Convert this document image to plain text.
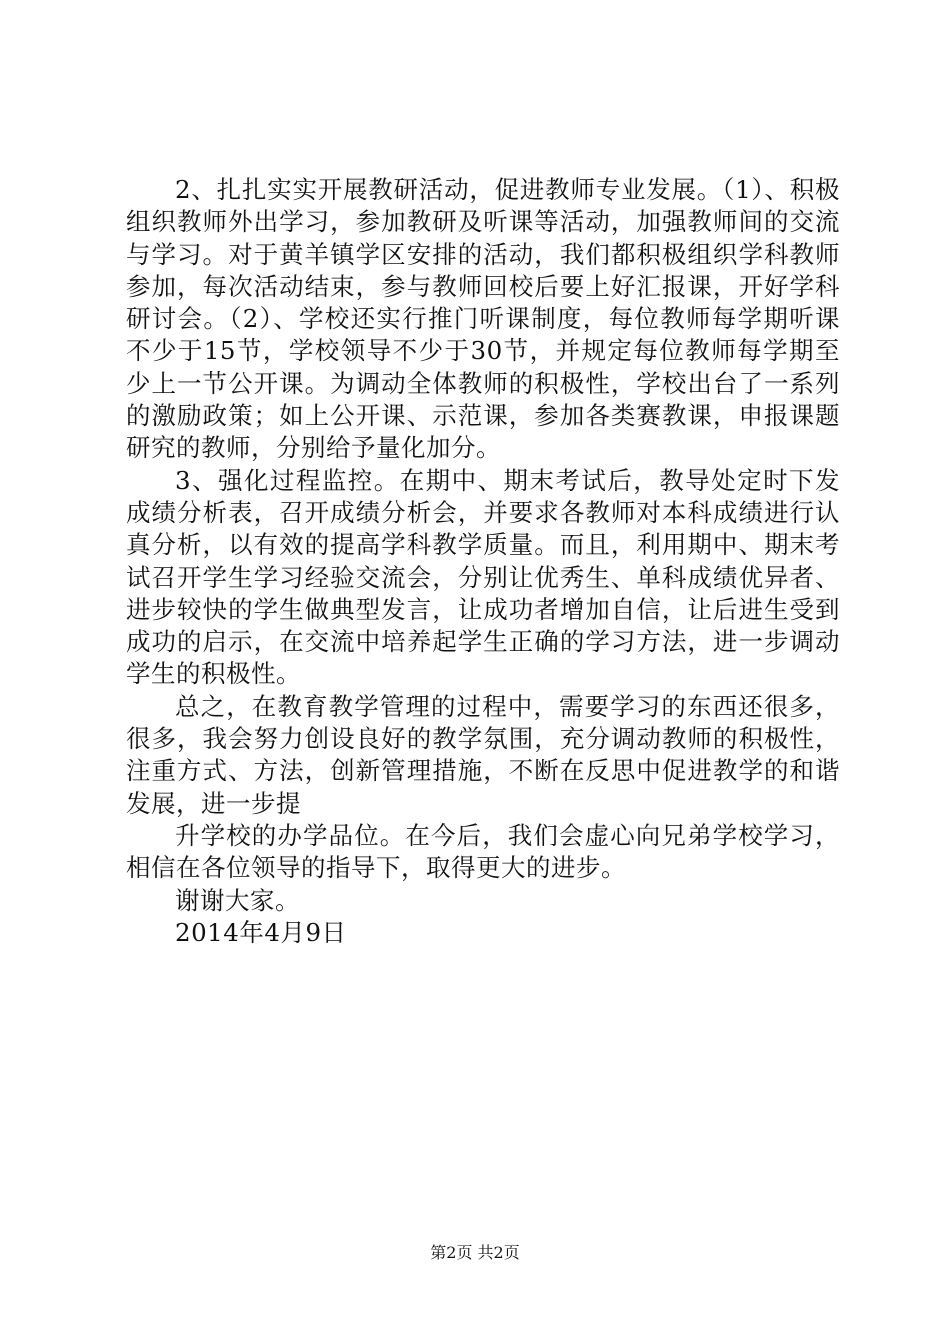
2、扎扎实实开展教研活动，促进教师专业发展。（1）、积极组织教师外出学习，参加教研及听课等活动，加强教师间的交流与学习。对于黄羊镇学区安排的活动，我们都积极组织学科教师参加，每次活动结束，参与教师回校后要上好汇报课，开好学科研讨会。（2）、学校还实行推门听课制度，每位教师每学期听课不少于15节，学校领导不少于30节，并规定每位教师每学期至少上一节公开课。为调动全体教师的积极性，学校出台了一系列的激励政策；如上公开课、示范课，参加各类赛教课，申报课题研究的教师，分别给予量化加分。

3、强化过程监控。在期中、期末考试后，教导处定时下发成绩分析表，召开成绩分析会，并要求各教师对本科成绩进行认真分析，以有效的提高学科教学质量。而且，利用期中、期末考试召开学生学习经验交流会，分别让优秀生、单科成绩优异者、进步较快的学生做典型发言，让成功者增加自信，让后进生受到成功的启示，在交流中培养起学生正确的学习方法，进一步调动学生的积极性。

总之，在教育教学管理的过程中，需要学习的东西还很多，很多，我会努力创设良好的教学氛围，充分调动教师的积极性，注重方式、方法，创新管理措施，不断在反思中促进教学的和谐发展，进一步提

升学校的办学品位。在今后，我们会虚心向兄弟学校学习，相信在各位领导的指导下，取得更大的进步。

谢谢大家。

2014年4月9日

第2页 共2页
